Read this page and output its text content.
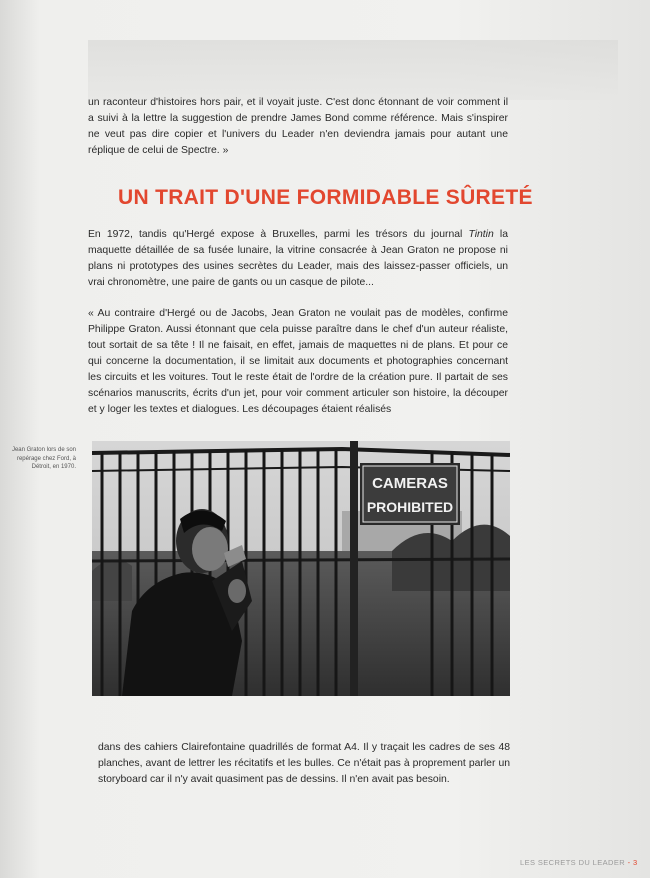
un raconteur d'histoires hors pair, et il voyait juste. C'est donc étonnant de voir comment il a suivi à la lettre la suggestion de prendre James Bond comme référence. Mais s'inspirer ne veut pas dire copier et l'univers du Leader n'en deviendra jamais pour autant une réplique de celui de Spectre. »

UN TRAIT D'UNE FORMIDABLE SÛRETÉ

En 1972, tandis qu'Hergé expose à Bruxelles, parmi les trésors du journal Tintin la maquette détaillée de sa fusée lunaire, la vitrine consacrée à Jean Graton ne propose ni plans ni prototypes des usines secrètes du Leader, mais des laissez-passer officiels, un vrai chronomètre, une paire de gants ou un casque de pilote...

« Au contraire d'Hergé ou de Jacobs, Jean Graton ne voulait pas de modèles, confirme Philippe Graton. Aussi étonnant que cela puisse paraître dans le chef d'un auteur réaliste, tout sortait de sa tête ! Il ne faisait, en effet, jamais de maquettes ni de plans. Et pour ce qui concerne la documentation, il se limitait aux documents et photographies concernant les circuits et les voitures. Tout le reste était de l'ordre de la création pure. Il partait de ses scénarios manuscrits, écrits d'un jet, pour voir comment articuler son histoire, la découper et y loger les textes et dialogues. Les découpages étaient réalisés

Jean Graton lors de son repérage chez Ford, à Détroit, en 1970.
CAMERAS
PROHIBITED

dans des cahiers Clairefontaine quadrillés de format A4. Il y traçait les cadres de ses 48 planches, avant de lettrer les récitatifs et les bulles. Ce n'était pas à proprement parler un storyboard car il n'y avait quasiment pas de dessins. Il n'en avait pas besoin.

LES SECRETS DU LEADER - 3
